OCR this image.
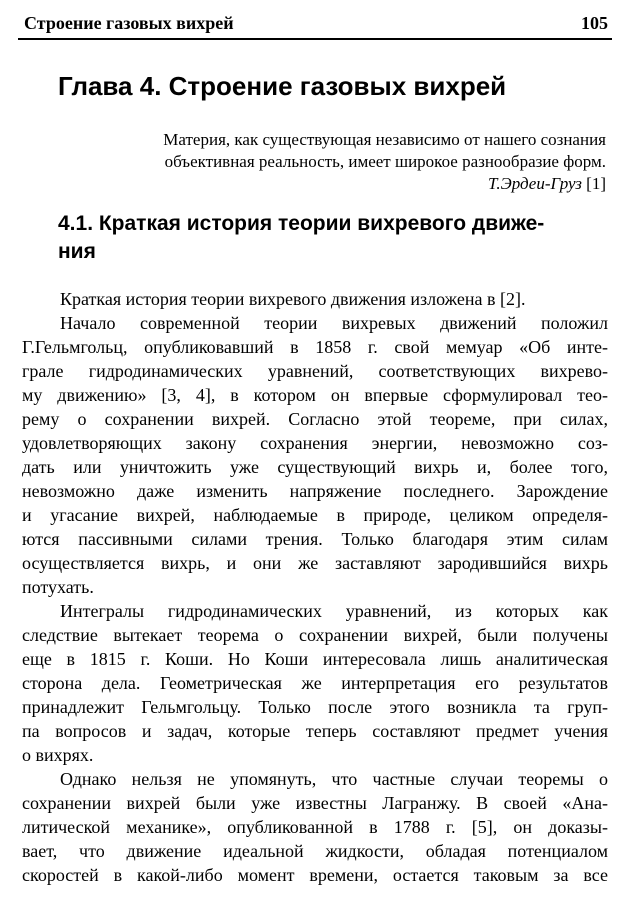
Строение газовых вихрей	105
Глава 4. Строение газовых вихрей
Материя, как существующая независимо от нашего сознания
объективная реальность, имеет широкое разнообразие форм.
Т.Эрдеи-Груз [1]
4.1. Краткая история теории вихревого движе-
ния
Краткая история теории вихревого движения изложена в [2].
Начало современной теории вихревых движений положил
Г.Гельмгольц, опубликовавший в 1858 г. свой мемуар «Об инте-
грале гидродинамических уравнений, соответствующих вихрево-
му движению» [3, 4], в котором он впервые сформулировал тео-
рему о сохранении вихрей. Согласно этой теореме, при силах,
удовлетворяющих закону сохранения энергии, невозможно соз-
дать или уничтожить уже существующий вихрь и, более того,
невозможно даже изменить напряжение последнего. Зарождение
и угасание вихрей, наблюдаемые в природе, целиком определя-
ются пассивными силами трения. Только благодаря этим силам
осуществляется вихрь, и они же заставляют зародившийся вихрь
потухать.
Интегралы гидродинамических уравнений, из которых как
следствие вытекает теорема о сохранении вихрей, были получены
еще в 1815 г. Коши. Но Коши интересовала лишь аналитическая
сторона дела. Геометрическая же интерпретация его результатов
принадлежит Гельмгольцу. Только после этого возникла та груп-
па вопросов и задач, которые теперь составляют предмет учения
о вихрях.
Однако нельзя не упомянуть, что частные случаи теоремы о
сохранении вихрей были уже известны Лагранжу. В своей «Ана-
литической механике», опубликованной в 1788 г. [5], он доказы-
вает, что движение идеальной жидкости, обладая потенциалом
скоростей в какой-либо момент времени, остается таковым за все
